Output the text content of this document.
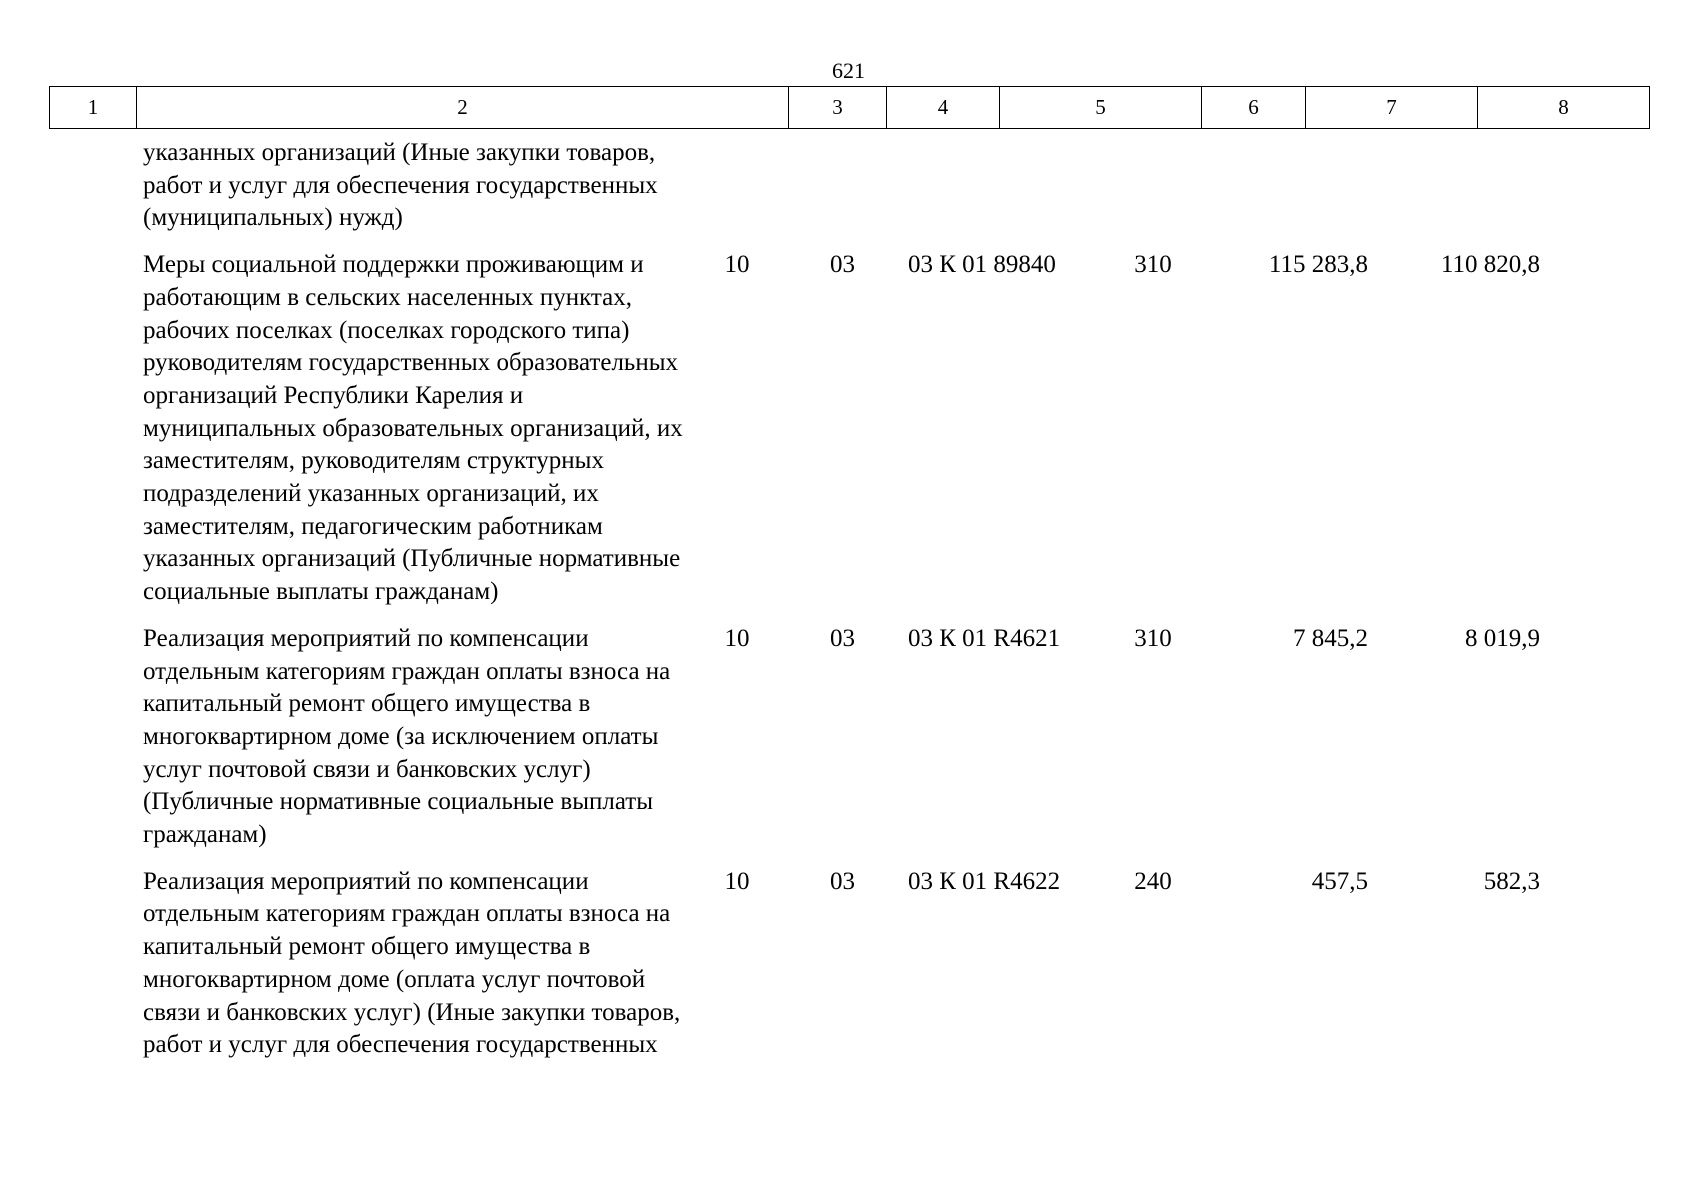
621
1	2	3	4	5	6	7	8
указанных организаций (Иные закупки товаров,
работ и услуг для обеспечения государственных
(муниципальных) нужд)
Меры социальной поддержки проживающим и
работающим в сельских населенных пунктах,
рабочих поселках (поселках городского типа)
руководителям государственных образовательных
организаций Республики Карелия и
муниципальных образовательных организаций, их
заместителям, руководителям структурных
подразделений указанных организаций, их
заместителям, педагогическим работникам
указанных организаций (Публичные нормативные
социальные выплаты гражданам)
10	03	03 К 01 89840	310	115 283,8	110 820,8
Реализация мероприятий по компенсации
отдельным категориям граждан оплаты взноса на
капитальный ремонт общего имущества в
многоквартирном доме (за исключением оплаты
услуг почтовой связи и банковских услуг)
(Публичные нормативные социальные выплаты
гражданам)
10	03	03 К 01 R4621	310	7 845,2	8 019,9
Реализация мероприятий по компенсации
отдельным категориям граждан оплаты взноса на
капитальный ремонт общего имущества в
многоквартирном доме (оплата услуг почтовой
связи и банковских услуг) (Иные закупки товаров,
работ и услуг для обеспечения государственных
10	03	03 К 01 R4622	240	457,5	582,3
